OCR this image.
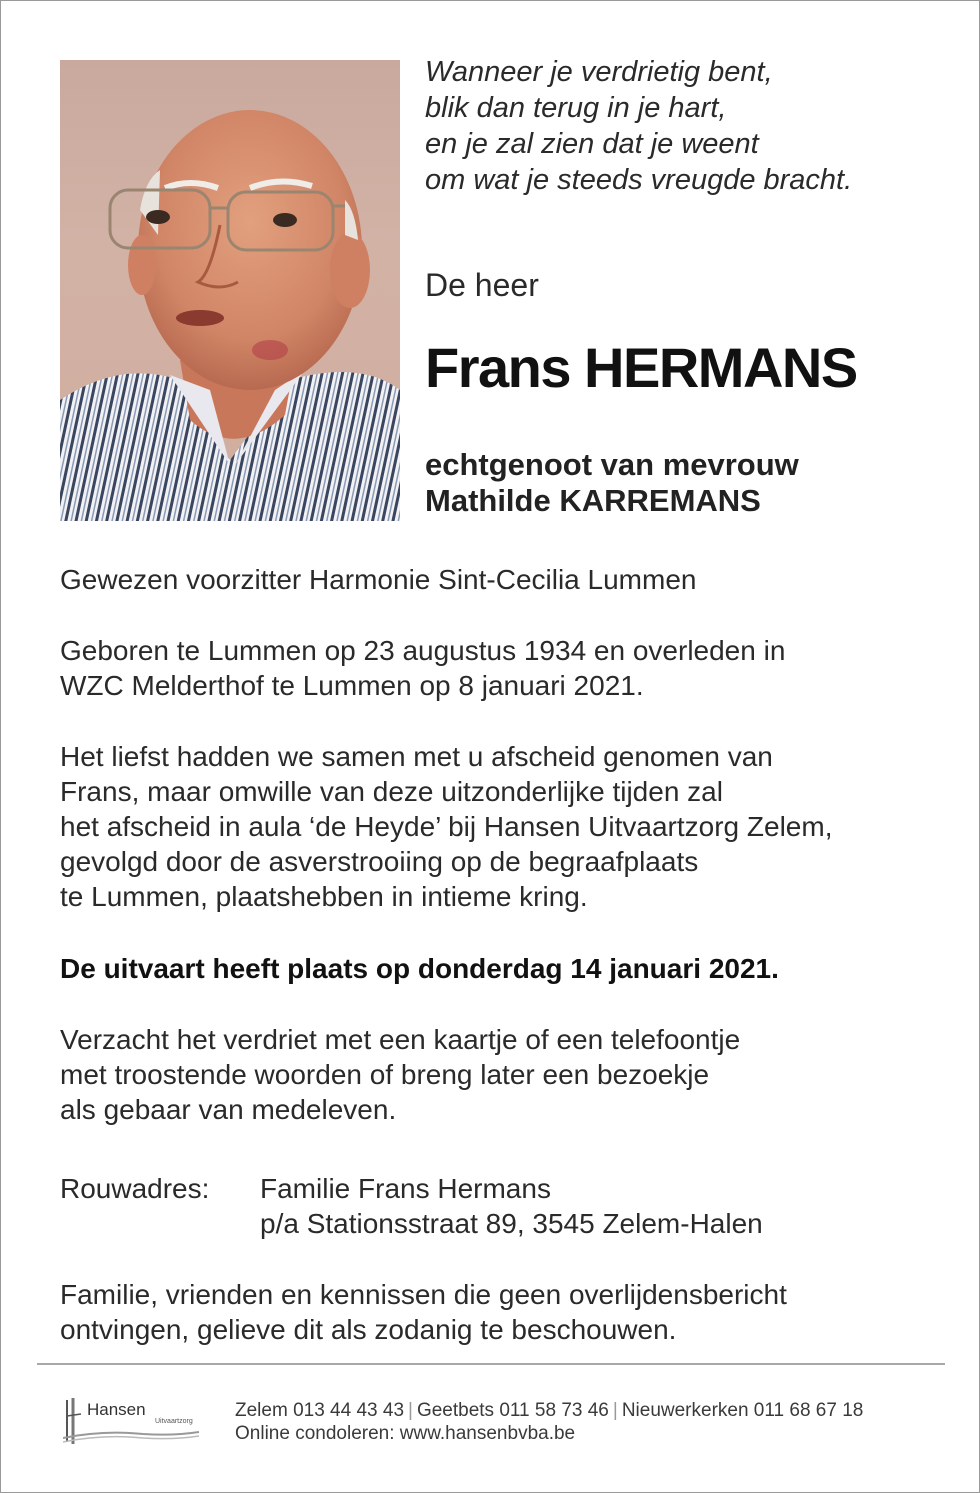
Wanneer je verdrietig bent,
blik dan terug in je hart,
en je zal zien dat je weent
om wat je steeds vreugde bracht.
De heer
Frans HERMANS
echtgenoot van mevrouw
Mathilde KARREMANS
Gewezen voorzitter Harmonie Sint-Cecilia Lummen
Geboren te Lummen op 23 augustus 1934 en overleden in
WZC Melderthof te Lummen op 8 januari 2021.
Het liefst hadden we samen met u afscheid genomen van
Frans, maar omwille van deze uitzonderlijke tijden zal
het afscheid in aula ‘de Heyde’ bij Hansen Uitvaartzorg Zelem,
gevolgd door de asverstrooiing op de begraafplaats
te Lummen, plaatshebben in intieme kring.
De uitvaart heeft plaats op donderdag 14 januari 2021.
Verzacht het verdriet met een kaartje of een telefoontje
met troostende woorden of breng later een bezoekje
als gebaar van medeleven.
Rouwadres: Familie Frans Hermans
p/a Stationsstraat 89, 3545 Zelem-Halen
Familie, vrienden en kennissen die geen overlijdensbericht
ontvingen, gelieve dit als zodanig te beschouwen.
Hansen
Uitvaartzorg
Zelem 013 44 43 43 | Geetbets 011 58 73 46 | Nieuwerkerken 011 68 67 18
Online condoleren: www.hansenbvba.be
